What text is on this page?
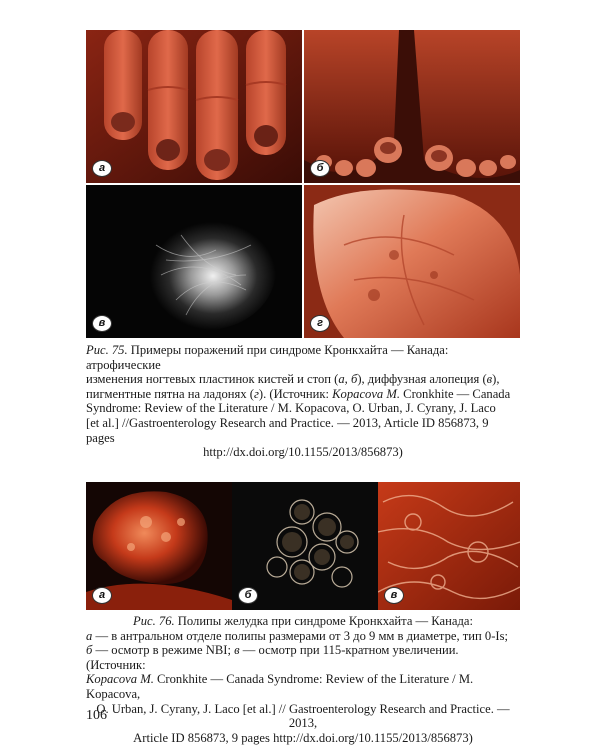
а	б
в	г
Рис. 75. Примеры поражений при синдроме Кронкхайта — Канада: атрофические
изменения ногтевых пластинок кистей и стоп (а, б), диффузная алопеция (в),
пигментные пятна на ладонях (г). (Источник: Kopacova M. Cronkhite — Canada
Syndrome: Review of the Literature / M. Kopacova, O. Urban, J. Cyrany, J. Laco
[et al.] //Gastroenterology Research and Practice. — 2013, Article ID 856873, 9 pages
http://dx.doi.org/10.1155/2013/856873)
а	б	в
Рис. 76. Полипы желудка при синдроме Кронкхайта — Канада:
а — в антральном отделе полипы размерами от 3 до 9 мм в диаметре, тип 0-Is;
б — осмотр в режиме NBI; в — осмотр при 115-кратном увеличении. (Источник:
Kopacova M. Cronkhite — Canada Syndrome: Review of the Literature / M. Kopacova,
O. Urban, J. Cyrany, J. Laco [et al.] // Gastroenterology Research and Practice. — 2013,
Article ID 856873, 9 pages http://dx.doi.org/10.1155/2013/856873)
106
